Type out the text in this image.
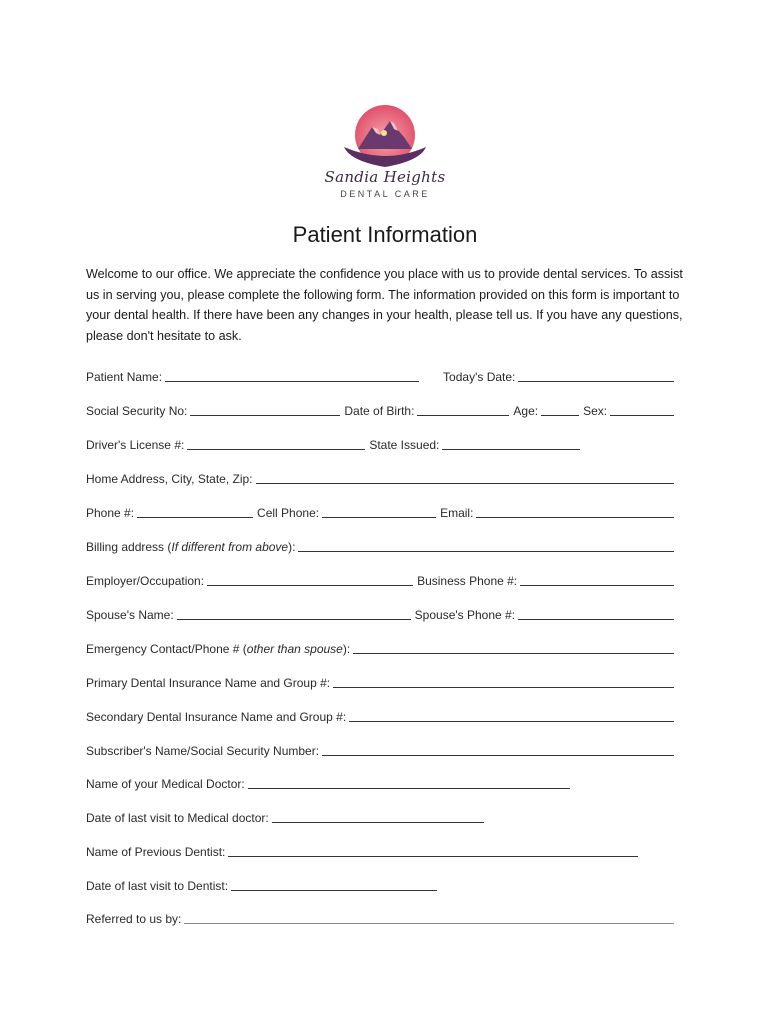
Sandia Heights
DENTAL CARE
Patient Information

Welcome to our office. We appreciate the confidence you place with us to provide dental services. To assist us in serving you, please complete the following form. The information provided on this form is important to your dental health. If there have been any changes in your health, please tell us. If you have any questions, please don't hesitate to ask.

Patient Name:	Today's Date:
Social Security No:	Date of Birth:	Age:	Sex:
Driver's License #:	State Issued:
Home Address, City, State, Zip:
Phone #:	Cell Phone:	Email:
Billing address (If different from above):
Employer/Occupation:	Business Phone #:
Spouse's Name:	Spouse's Phone #:
Emergency Contact/Phone # (other than spouse):
Primary Dental Insurance Name and Group #:
Secondary Dental Insurance Name and Group #:
Subscriber's Name/Social Security Number:
Name of your Medical Doctor:
Date of last visit to Medical doctor:
Name of Previous Dentist:
Date of last visit to Dentist:
Referred to us by:
